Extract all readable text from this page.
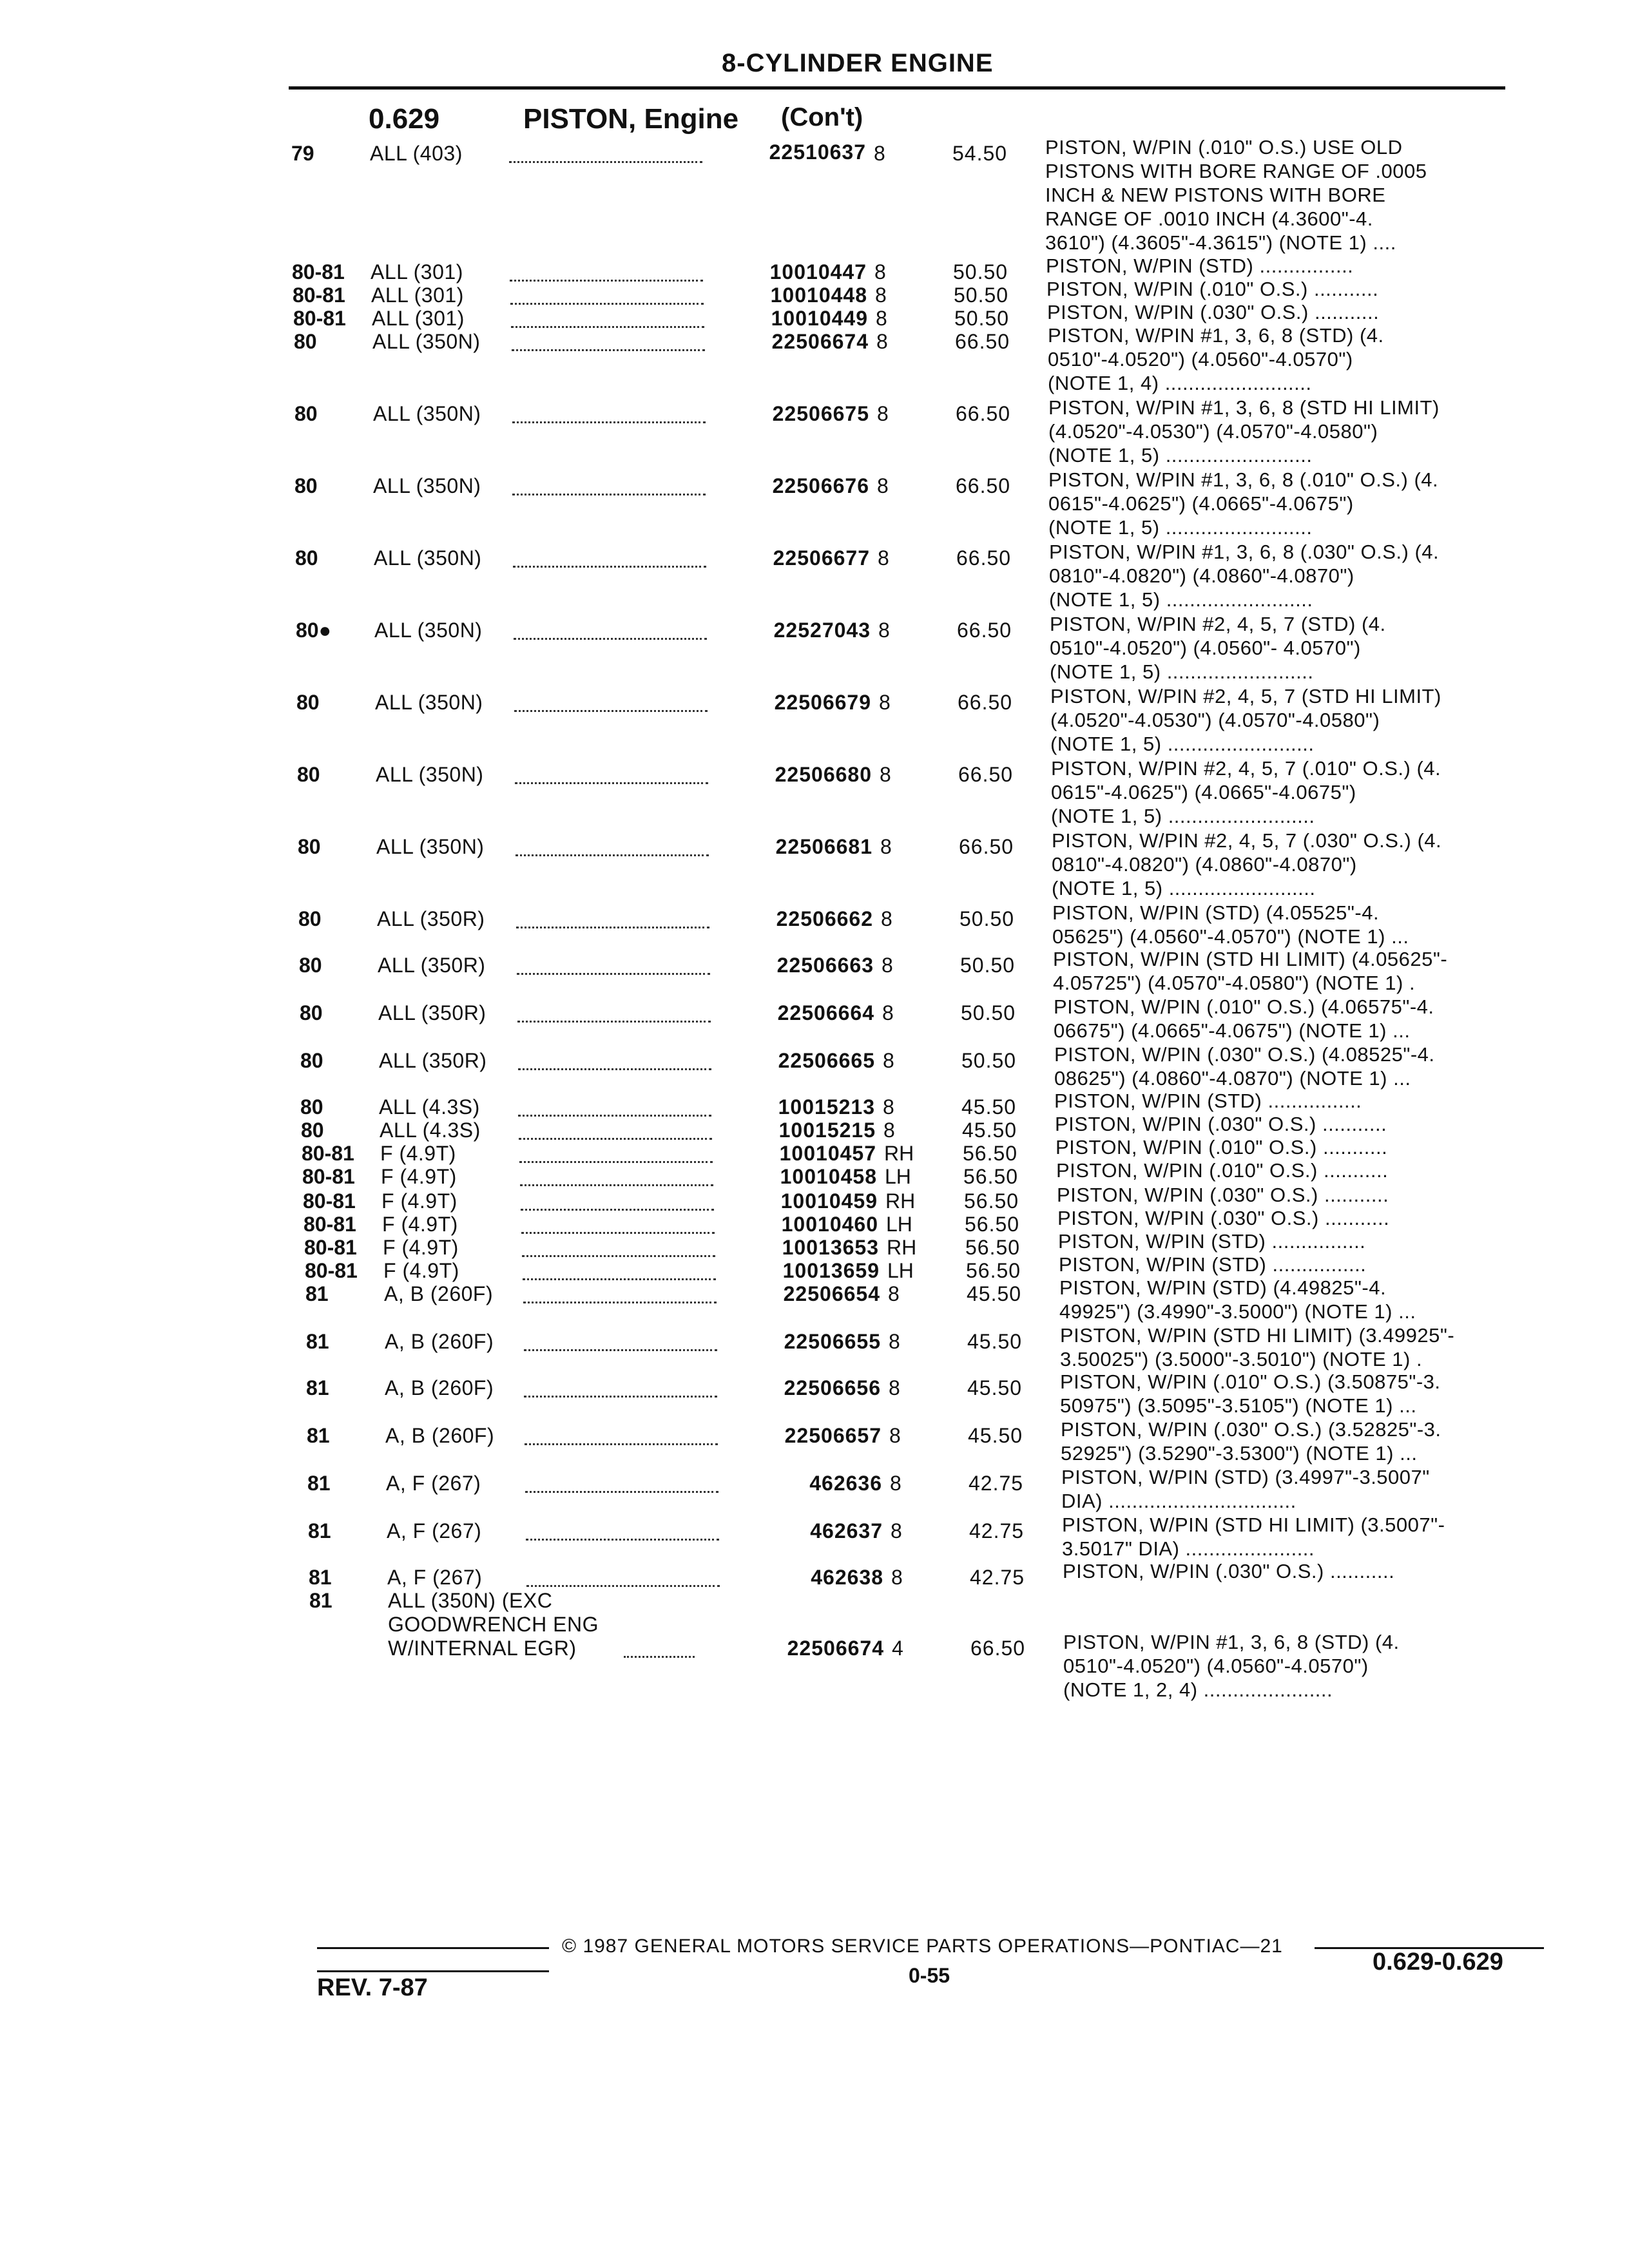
8-CYLINDER ENGINE
0.629	PISTON, Engine (Con't)
79	ALL (403)	22510637 8	54.50 PISTON, W/PIN (.010" O.S.) USE OLD
PISTONS WITH BORE RANGE OF .0005
INCH & NEW PISTONS WITH BORE
RANGE OF .0010 INCH (4.3600"-4.
3610") (4.3605"-4.3615") (NOTE 1) ....
80-81 ALL (301)	10010447 8	50.50 PISTON, W/PIN (STD) ................
80-81 ALL (301)	10010448 8	50.50 PISTON, W/PIN (.010" O.S.) ...........
80-81 ALL (301)	10010449 8	50.50 PISTON, W/PIN (.030" O.S.) ...........
80	ALL (350N)	22506674 8	66.50 PISTON, W/PIN #1, 3, 6, 8 (STD) (4.
0510"-4.0520") (4.0560"-4.0570")
(NOTE 1, 4) .........................
80	ALL (350N)	22506675 8	66.50 PISTON, W/PIN #1, 3, 6, 8 (STD HI LIMIT)
(4.0520"-4.0530") (4.0570"-4.0580")
(NOTE 1, 5) .........................
80	ALL (350N)	22506676 8	66.50 PISTON, W/PIN #1, 3, 6, 8 (.010" O.S.) (4.
0615"-4.0625") (4.0665"-4.0675")
(NOTE 1, 5) .........................
80	ALL (350N)	22506677 8	66.50 PISTON, W/PIN #1, 3, 6, 8 (.030" O.S.) (4.
0810"-4.0820") (4.0860"-4.0870")
(NOTE 1, 5) .........................
80● ALL (350N)	22527043 8	66.50 PISTON, W/PIN #2, 4, 5, 7 (STD) (4.
0510"-4.0520") (4.0560"- 4.0570")
(NOTE 1, 5) .........................
80	ALL (350N)	22506679 8	66.50 PISTON, W/PIN #2, 4, 5, 7 (STD HI LIMIT)
(4.0520"-4.0530") (4.0570"-4.0580")
(NOTE 1, 5) .........................
80	ALL (350N)	22506680 8	66.50 PISTON, W/PIN #2, 4, 5, 7 (.010" O.S.) (4.
0615"-4.0625") (4.0665"-4.0675")
(NOTE 1, 5) .........................
80	ALL (350N)	22506681 8	66.50 PISTON, W/PIN #2, 4, 5, 7 (.030" O.S.) (4.
0810"-4.0820") (4.0860"-4.0870")
(NOTE 1, 5) .........................
80	ALL (350R)	22506662 8	50.50 PISTON, W/PIN (STD) (4.05525"-4.
05625") (4.0560"-4.0570") (NOTE 1) ...
80	ALL (350R)	22506663 8	50.50 PISTON, W/PIN (STD HI LIMIT) (4.05625"-
4.05725") (4.0570"-4.0580") (NOTE 1) .
80	ALL (350R)	22506664 8	50.50 PISTON, W/PIN (.010" O.S.) (4.06575"-4.
06675") (4.0665"-4.0675") (NOTE 1) ...
80	ALL (350R)	22506665 8	50.50 PISTON, W/PIN (.030" O.S.) (4.08525"-4.
08625") (4.0860"-4.0870") (NOTE 1) ...
80	ALL (4.3S)	10015213 8	45.50 PISTON, W/PIN (STD) ................
80	ALL (4.3S)	10015215 8	45.50 PISTON, W/PIN (.030" O.S.) ...........
80-81 F (4.9T)	10010457 RH 56.50 PISTON, W/PIN (.010" O.S.) ...........
80-81 F (4.9T)	10010458 LH	56.50 PISTON, W/PIN (.010" O.S.) ...........
80-81 F (4.9T)	10010459 RH 56.50 PISTON, W/PIN (.030" O.S.) ...........
80-81 F (4.9T)	10010460 LH	56.50 PISTON, W/PIN (.030" O.S.) ...........
80-81 F (4.9T)	10013653 RH 56.50 PISTON, W/PIN (STD) ................
80-81 F (4.9T)	10013659 LH	56.50 PISTON, W/PIN (STD) ................
81	A, B (260F)	22506654 8	45.50 PISTON, W/PIN (STD) (4.49825"-4.
49925") (3.4990"-3.5000") (NOTE 1) ...
81	A, B (260F)	22506655 8	45.50 PISTON, W/PIN (STD HI LIMIT) (3.49925"-
3.50025") (3.5000"-3.5010") (NOTE 1) .
81	A, B (260F)	22506656 8	45.50 PISTON, W/PIN (.010" O.S.) (3.50875"-3.
50975") (3.5095"-3.5105") (NOTE 1) ...
81	A, B (260F)	22506657 8	45.50 PISTON, W/PIN (.030" O.S.) (3.52825"-3.
52925") (3.5290"-3.5300") (NOTE 1) ...
81	A, F (267)	462636 8	42.75 PISTON, W/PIN (STD) (3.4997"-3.5007"
DIA) ................................
81	A, F (267)	462637 8	42.75 PISTON, W/PIN (STD HI LIMIT) (3.5007"-
3.5017" DIA) ......................
81	A, F (267)	462638 8	42.75 PISTON, W/PIN (.030" O.S.) ...........
81	ALL (350N) (EXC
GOODWRENCH ENG
W/INTERNAL EGR)	22506674 4	66.50 PISTON, W/PIN #1, 3, 6, 8 (STD) (4.
0510"-4.0520") (4.0560"-4.0570")
(NOTE 1, 2, 4) ......................
© 1987 GENERAL MOTORS SERVICE PARTS OPERATIONS—PONTIAC—21
REV. 7-87	0-55	0.629-0.629
